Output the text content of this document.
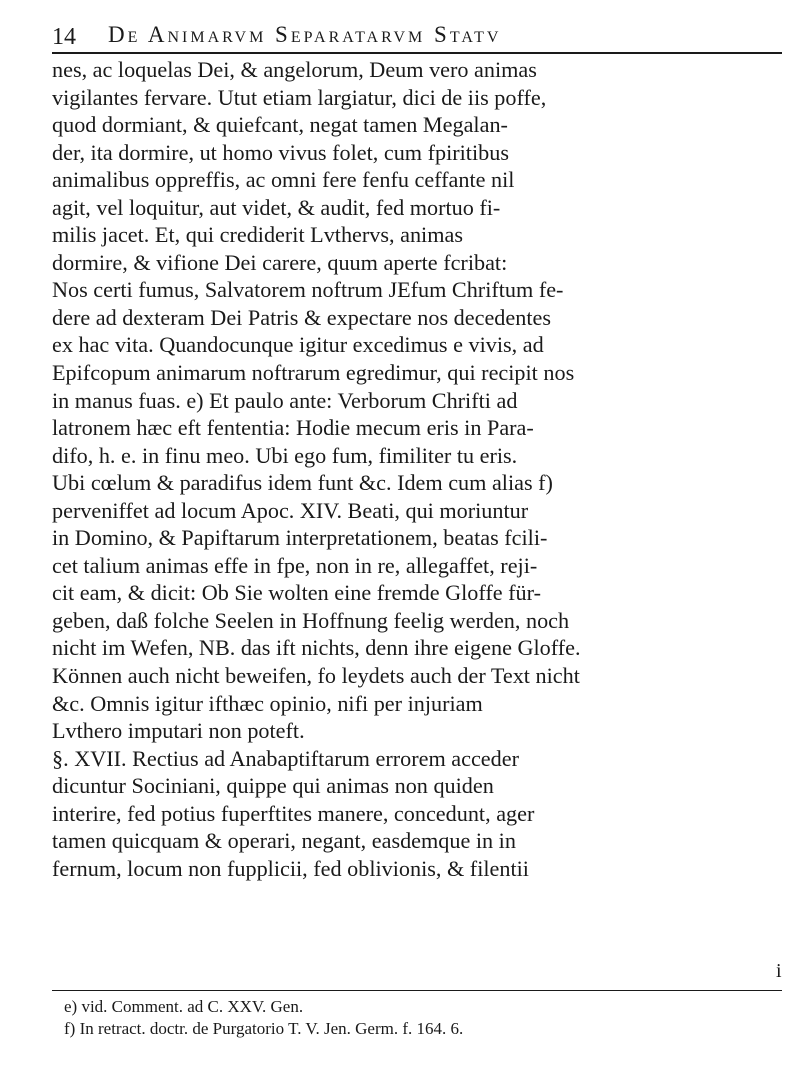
14 De Animarvm Separatarvm Statv
nes, ac loquelas Dei, & angelorum, Deum vero animas
vigilantes fervare. Utut etiam largiatur, dici de iis poffe,
quod dormiant, & quiefcant, negat tamen Megalan-
der, ita dormire, ut homo vivus folet, cum fpiritibus
animalibus oppreffis, ac omni fere fenfu ceffante nil
agit, vel loquitur, aut videt, & audit, fed mortuo fi-
milis jacet. Et, qui crediderit Lvthervs, animas
dormire, & vifione Dei carere, quum aperte fcribat:
Nos certi fumus, Salvatorem noftrum JEfum Chriftum fe-
dere ad dexteram Dei Patris & expectare nos decedentes
ex hac vita. Quandocunque igitur excedimus e vivis, ad
Epifcopum animarum noftrarum egredimur, qui recipit nos
in manus fuas. e) Et paulo ante: Verborum Chrifti ad
latronem hæc eft fententia: Hodie mecum eris in Para-
difo, h. e. in finu meo. Ubi ego fum, fimiliter tu eris.
Ubi cœlum & paradifus idem funt &c. Idem cum alias f)
perveniffet ad locum Apoc. XIV. Beati, qui moriuntur
in Domino, & Papiftarum interpretationem, beatas fcili-
cet talium animas effe in fpe, non in re, allegaffet, reji-
cit eam, & dicit: Ob Sie wolten eine fremde Gloffe für-
geben, daß folche Seelen in Hoffnung feelig werden, noch
nicht im Wefen, NB. das ift nichts, denn ihre eigene Gloffe.
Können auch nicht beweifen, fo leydets auch der Text nicht
&c. Omnis igitur ifthæc opinio, nifi per injuriam
Lvthero imputari non poteft.
§. XVII. Rectius ad Anabaptiftarum errorem acceder
dicuntur Sociniani, quippe qui animas non quiden
interire, fed potius fuperftites manere, concedunt, ager
tamen quicquam & operari, negant, easdemque in in
fernum, locum non fupplicii, fed oblivionis, & filentii
i
e) vid. Comment. ad C. XXV. Gen.
f) In retract. doctr. de Purgatorio T. V. Jen. Germ. f. 164. 6.
